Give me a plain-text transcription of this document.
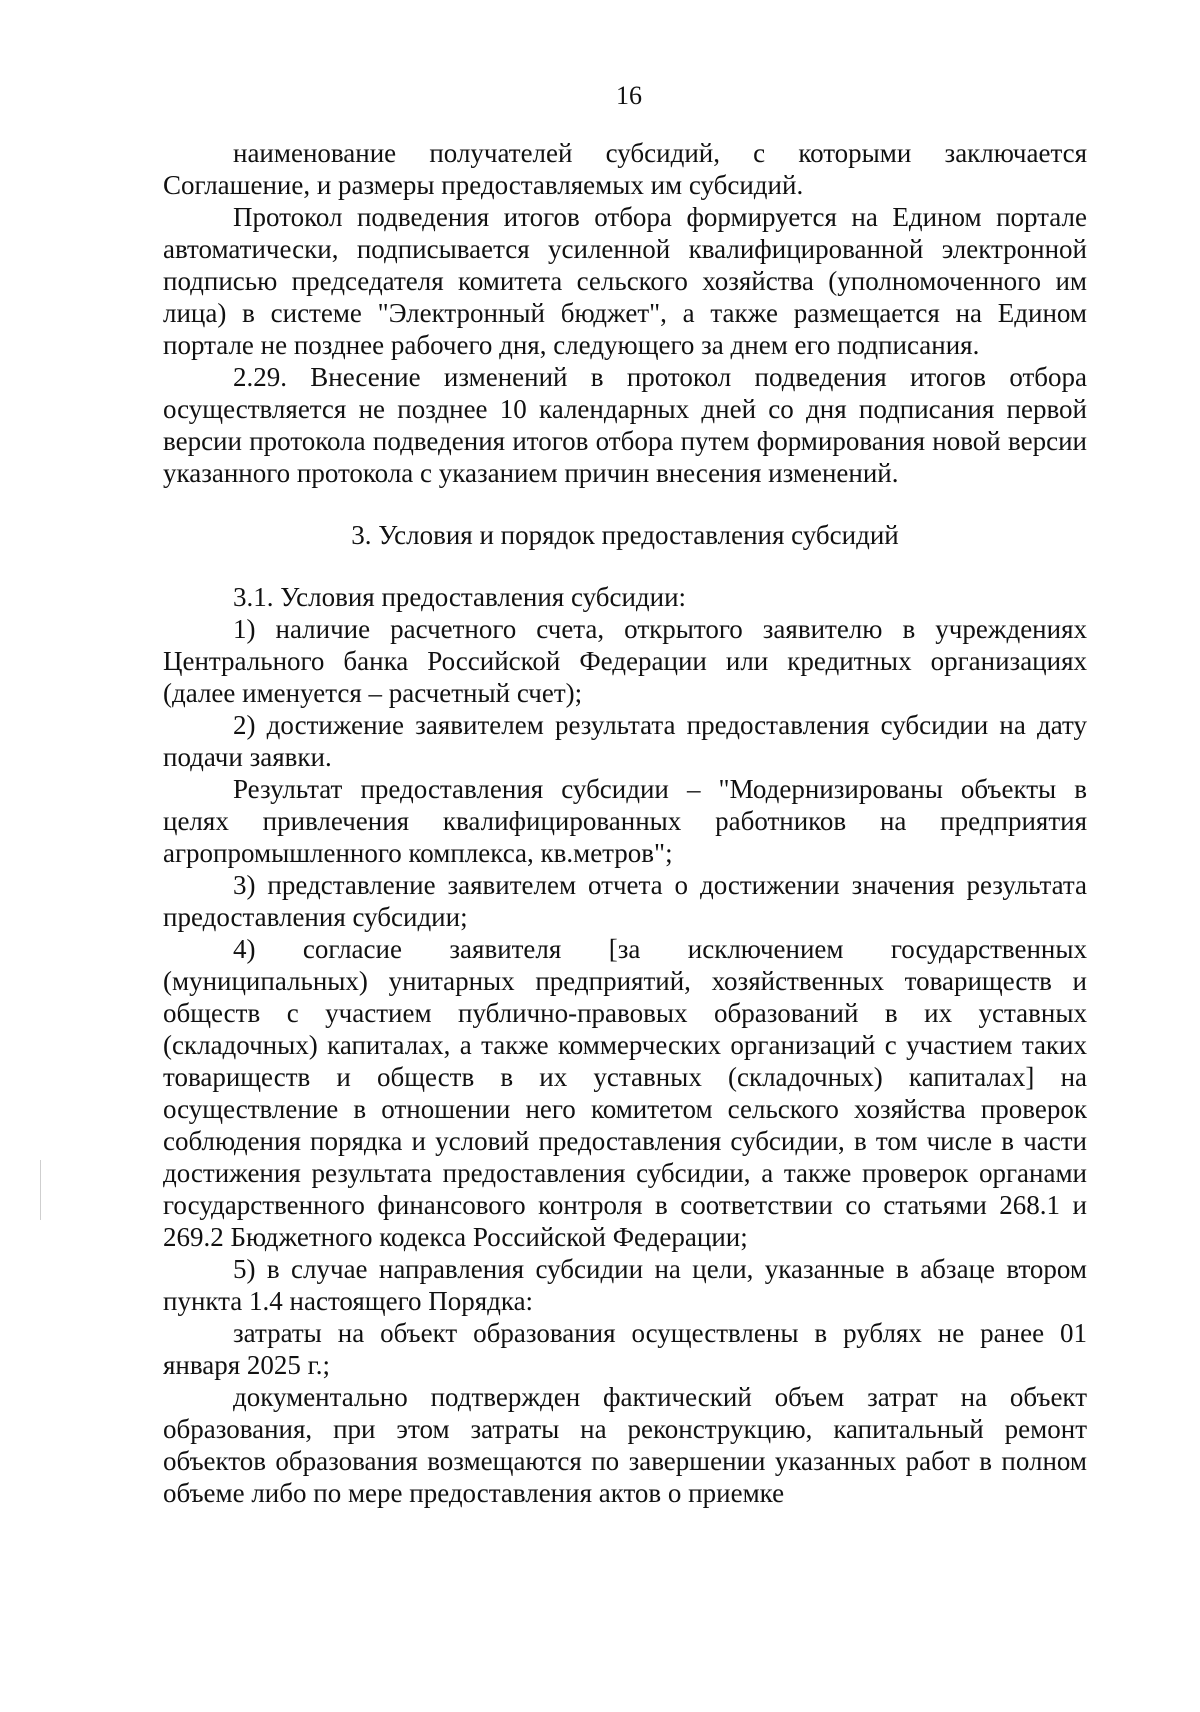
16

наименование получателей субсидий, с которыми заключается Соглашение, и размеры предоставляемых им субсидий.

Протокол подведения итогов отбора формируется на Едином портале автоматически, подписывается усиленной квалифицированной электронной подписью председателя комитета сельского хозяйства (уполномоченного им лица) в системе "Электронный бюджет", а также размещается на Едином портале не позднее рабочего дня, следующего за днем его подписания.

2.29. Внесение изменений в протокол подведения итогов отбора осуществляется не позднее 10 календарных дней со дня подписания первой версии протокола подведения итогов отбора путем формирования новой версии указанного протокола с указанием причин внесения изменений.

3. Условия и порядок предоставления субсидий

3.1. Условия предоставления субсидии:

1) наличие расчетного счета, открытого заявителю в учреждениях Центрального банка Российской Федерации или кредитных организациях (далее именуется – расчетный счет);

2) достижение заявителем результата предоставления субсидии на дату подачи заявки.

Результат предоставления субсидии – "Модернизированы объекты в целях привлечения квалифицированных работников на предприятия агропромышленного комплекса, кв.метров";

3) представление заявителем отчета о достижении значения результата предоставления субсидии;

4) согласие заявителя [за исключением государственных (муниципальных) унитарных предприятий, хозяйственных товариществ и обществ с участием публично-правовых образований в их уставных (складочных) капиталах, а также коммерческих организаций с участием таких товариществ и обществ в их уставных (складочных) капиталах] на осуществление в отношении него комитетом сельского хозяйства проверок соблюдения порядка и условий предоставления субсидии, в том числе в части достижения результата предоставления субсидии, а также проверок органами государственного финансового контроля в соответствии со статьями 268.1 и 269.2 Бюджетного кодекса Российской Федерации;

5) в случае направления субсидии на цели, указанные в абзаце втором пункта 1.4 настоящего Порядка:

затраты на объект образования осуществлены в рублях не ранее 01 января 2025 г.;

документально подтвержден фактический объем затрат на объект образования, при этом затраты на реконструкцию, капитальный ремонт объектов образования возмещаются по завершении указанных работ в полном объеме либо по мере предоставления актов о приемке
